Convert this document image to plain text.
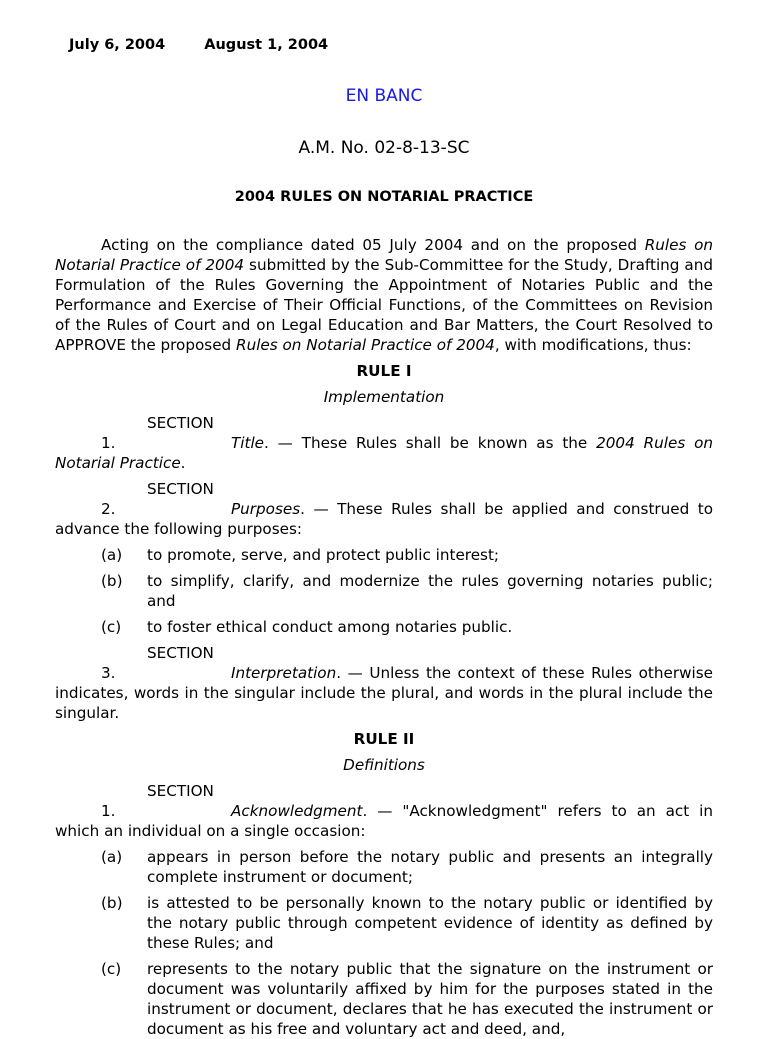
July 6, 2004	August 1, 2004
EN BANC
A.M. No. 02-8-13-SC
2004 RULES ON NOTARIAL PRACTICE

Acting on the compliance dated 05 July 2004 and on the proposed Rules on Notarial Practice of 2004 submitted by the Sub-Committee for the Study, Drafting and Formulation of the Rules Governing the Appointment of Notaries Public and the Performance and Exercise of Their Official Functions, of the Committees on Revision of the Rules of Court and on Legal Education and Bar Matters, the Court Resolved to APPROVE the proposed Rules on Notarial Practice of 2004, with modifications, thus:

RULE I

Implementation

SECTION 1.	Title. — These Rules shall be known as the 2004 Rules on Notarial Practice.

SECTION 2.	Purposes. — These Rules shall be applied and construed to advance the following purposes:

(a) to promote, serve, and protect public interest;
(b) to simplify, clarify, and modernize the rules governing notaries public; and
(c) to foster ethical conduct among notaries public.

SECTION 3.	Interpretation. — Unless the context of these Rules otherwise indicates, words in the singular include the plural, and words in the plural include the singular.

RULE II

Definitions

SECTION 1.	Acknowledgment. — "Acknowledgment" refers to an act in which an individual on a single occasion:

(a) appears in person before the notary public and presents an integrally complete instrument or document;
(b) is attested to be personally known to the notary public or identified by the notary public through competent evidence of identity as defined by these Rules; and
(c) represents to the notary public that the signature on the instrument or document was voluntarily affixed by him for the purposes stated in the instrument or document, declares that he has executed the instrument or document as his free and voluntary act and deed, and,
